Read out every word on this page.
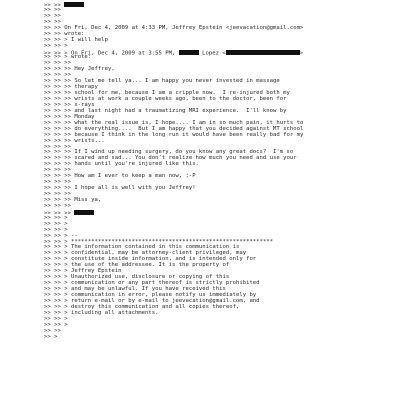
>> >>
>> >>
>> >>
>> >>
>> >> On Fri, Dec 4, 2009 at 4:33 PM, Jeffrey Epstein <jeevacation@gmail.com>
>> >> wrote:
>> >> > I will help
>> >> >
>> >> > On Fri, Dec 4, 2009 at 3:55 PM,	Lopez <	>
>> >> > wrote:
>> >> >>
>> >> >> Hey Jeffrey,
>> >> >>
>> >> >> So let me tell ya... I am happy you never invested in massage
>> >> >> therapy
>> >> >> school for me, because I am a cripple now.  I re-injured both my
>> >> >> wrists at work a couple weeks ago, been to the doctor, been for
>> >> >> x-rays
>> >> >> and last night had a traumatizing MRI experience.  I'll know by
>> >> >> Monday
>> >> >> what the real issue is, I hope.... I am in so much pain, it hurts to
>> >> >> do everything....  But I am happy that you decided against MT school
>> >> >> because I think in the long run it would have been really bad for my
>> >> >> wrists...
>> >> >>
>> >> >> If I wind up needing surgery, do you know any great docs?  I'm so
>> >> >> scared and sad... You don't realize how much you need and use your
>> >> >> hands until you're injured like this.
>> >> >>
>> >> >> How am I ever to keep a man now, ;-P
>> >> >>
>> >> >> I hope all is well with you Jeffrey!
>> >> >>
>> >> >> Miss ya,
>> >> >>
>> >> >>
>> >> >
>> >> >
>> >> >
>> >> > --
>> >> > ************************************************************
>> >> > The information contained in this communication is
>> >> > confidential, may be attorney-client privileged, may
>> >> > constitute inside information, and is intended only for
>> >> > the use of the addressee. It is the property of
>> >> > Jeffrey Epstein
>> >> > Unauthorized use, disclosure or copying of this
>> >> > communication or any part thereof is strictly prohibited
>> >> > and may be unlawful. If you have received this
>> >> > communication in error, please notify us immediately by
>> >> > return e-mail or by e-mail to jeevacation@gmail.com, and
>> >> > destroy this communication and all copies thereof,
>> >> > including all attachments.
>> >> >
>> >> >
>> >>
>> >
